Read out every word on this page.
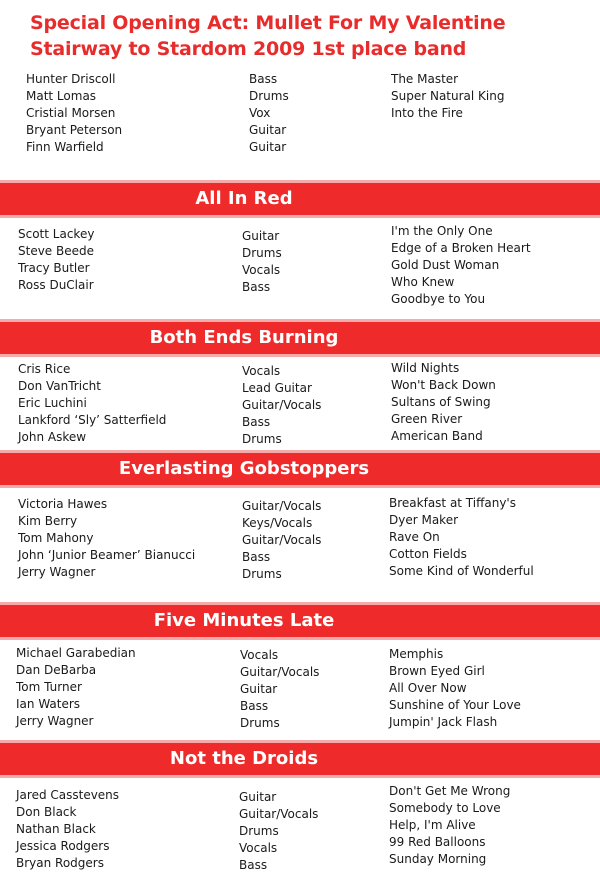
Special Opening Act: Mullet For My Valentine
Stairway to Stardom 2009 1st place band
Hunter Driscoll
Matt Lomas
Cristial Morsen
Bryant Peterson
Finn Warfield
Bass
Drums
Vox
Guitar
Guitar
The Master
Super Natural King
Into the Fire
All In Red
Scott Lackey
Steve Beede
Tracy Butler
Ross DuClair
Guitar
Drums
Vocals
Bass
I'm the Only One
Edge of a Broken Heart
Gold Dust Woman
Who Knew
Goodbye to You
Both Ends Burning
Cris Rice
Don VanTricht
Eric Luchini
Lankford ‘Sly’ Satterfield
John Askew
Vocals
Lead Guitar
Guitar/Vocals
Bass
Drums
Wild Nights
Won't Back Down
Sultans of Swing
Green River
American Band
Everlasting Gobstoppers
Victoria Hawes
Kim Berry
Tom Mahony
John ‘Junior Beamer’ Bianucci
Jerry Wagner
Guitar/Vocals
Keys/Vocals
Guitar/Vocals
Bass
Drums
Breakfast at Tiffany's
Dyer Maker
Rave On
Cotton Fields
Some Kind of Wonderful
Five Minutes Late
Michael Garabedian
Dan DeBarba
Tom Turner
Ian Waters
Jerry Wagner
Vocals
Guitar/Vocals
Guitar
Bass
Drums
Memphis
Brown Eyed Girl
All Over Now
Sunshine of Your Love
Jumpin' Jack Flash
Not the Droids
Jared Casstevens
Don Black
Nathan Black
Jessica Rodgers
Bryan Rodgers
Guitar
Guitar/Vocals
Drums
Vocals
Bass
Don't Get Me Wrong
Somebody to Love
Help, I'm Alive
99 Red Balloons
Sunday Morning
